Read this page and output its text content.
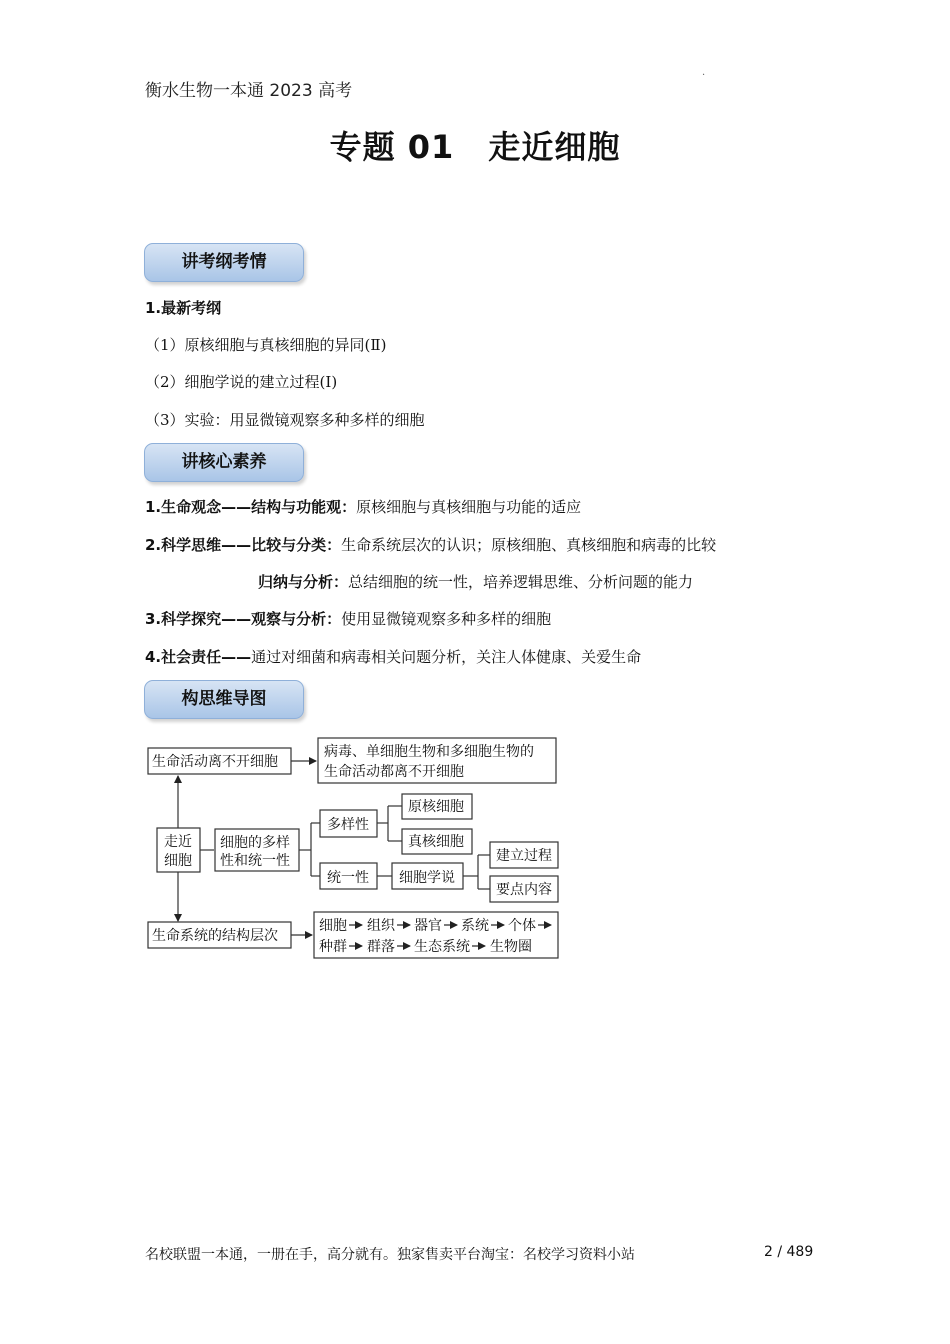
衡水生物一本通 2023 高考
·
专题 01 走近细胞
讲考纲考情
1.最新考纲
（1）原核细胞与真核细胞的异同(Ⅱ)
（2）细胞学说的建立过程(Ⅰ)
（3）实验：用显微镜观察多种多样的细胞
讲核心素养
1.生命观念——结构与功能观：原核细胞与真核细胞与功能的适应
2.科学思维——比较与分类：生命系统层次的认识；原核细胞、真核细胞和病毒的比较
归纳与分析：总结细胞的统一性，培养逻辑思维、分析问题的能力
3.科学探究——观察与分析：使用显微镜观察多种多样的细胞
4.社会责任——通过对细菌和病毒相关问题分析，关注人体健康、关爱生命
构思维导图
生命活动离不开细胞
病毒、单细胞生物和多细胞生物的
生命活动都离不开细胞
走近
细胞
细胞的多样
性和统一性
多样性
原核细胞
真核细胞
统一性 细胞学说
建立过程
要点内容
生命系统的结构层次
细胞 组织 器官 系统 个体
种群 群落 生态系统 生物圈
名校联盟一本通，一册在手，高分就有。独家售卖平台淘宝：名校学习资料小站	2 / 489
